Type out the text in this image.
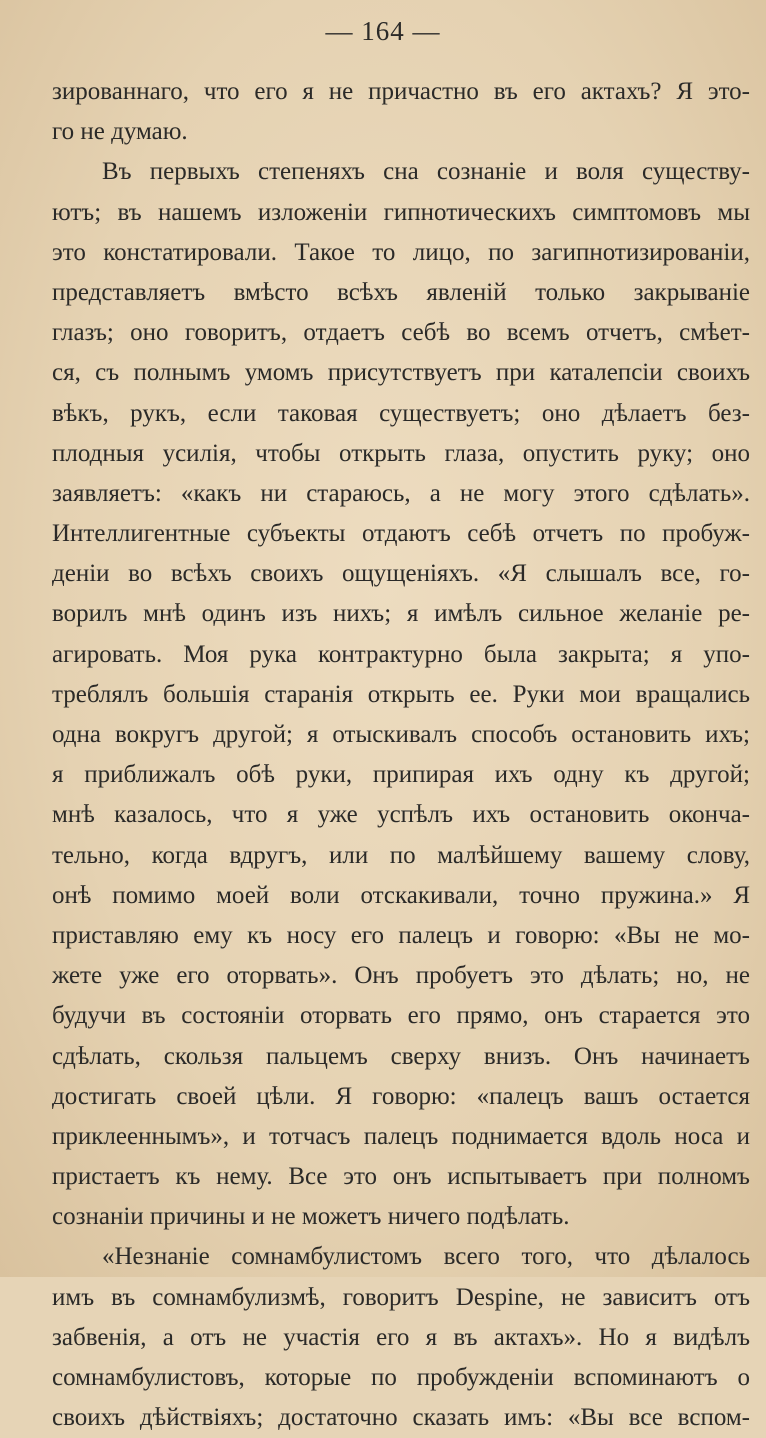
— 164 —
зированнаго, что его я не причастно въ его актахъ? Я это-
го не думаю.
Въ первыхъ степеняхъ сна сознаніе и воля существу-
ютъ; въ нашемъ изложеніи гипнотическихъ симптомовъ мы
это констатировали. Такое то лицо, по загипнотизированіи,
представляетъ вмѣсто всѣхъ явленій только закрываніе
глазъ; оно говоритъ, отдаетъ себѣ во всемъ отчетъ, смѣет-
ся, съ полнымъ умомъ присутствуетъ при каталепсіи своихъ
вѣкъ, рукъ, если таковая существуетъ; оно дѣлаетъ без-
плодныя усилія, чтобы открыть глаза, опустить руку; оно
заявляетъ: «какъ ни стараюсь, а не могу этого сдѣлать».
Интеллигентные субъекты отдаютъ себѣ отчетъ по пробуж-
деніи во всѣхъ своихъ ощущеніяхъ. «Я слышалъ все, го-
ворилъ мнѣ одинъ изъ нихъ; я имѣлъ сильное желаніе ре-
агировать. Моя рука контрактурно была закрыта; я упо-
треблялъ большія старанія открыть ее. Руки мои вращались
одна вокругъ другой; я отыскивалъ способъ остановить ихъ;
я приближалъ обѣ руки, припирая ихъ одну къ другой;
мнѣ казалось, что я уже успѣлъ ихъ остановить оконча-
тельно, когда вдругъ, или по малѣйшему вашему слову,
онѣ помимо моей воли отскакивали, точно пружина.» Я
приставляю ему къ носу его палецъ и говорю: «Вы не мо-
жете уже его оторвать». Онъ пробуетъ это дѣлать; но, не
будучи въ состояніи оторвать его прямо, онъ старается это
сдѣлать, скользя пальцемъ сверху внизъ. Онъ начинаетъ
достигать своей цѣли. Я говорю: «палецъ вашъ остается
приклееннымъ», и тотчасъ палецъ поднимается вдоль носа и
пристаетъ къ нему. Все это онъ испытываетъ при полномъ
сознаніи причины и не можетъ ничего подѣлать.
«Незнаніе сомнамбулистомъ всего того, что дѣлалось
имъ въ сомнамбулизмѣ, говоритъ Despine, не зависитъ отъ
забвенія, а отъ не участія его я въ актахъ». Но я видѣлъ
сомнамбулистовъ, которые по пробужденіи вспоминаютъ о
своихъ дѣйствіяхъ; достаточно сказать имъ: «Вы все вспом-
